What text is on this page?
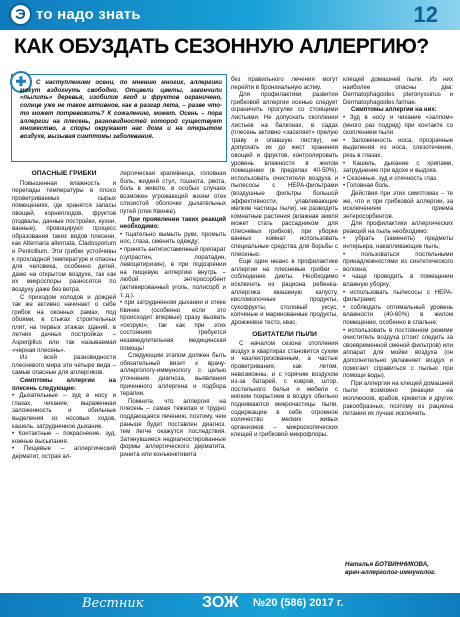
Э то надо знать	12
КАК ОБУЗДАТЬ СЕЗОННУЮ АЛЛЕРГИЮ?
✚	С наступлением осени, по мнению многих, аллергики могут вздохнуть свободно. Отцвели цветы, закончили «пылить» деревья, изобилие ягод и фруктов ограничено, солнце уже не такое активное, как в разгар лета, – разве что-то может потревожить? К сожалению, может. Осень – пора аллергии на плесень, разновидностей которой существует множество, а споры окружают нас дома и на открытом воздухе, вызывая симптомы заболевания.
ОПАСНЫЕ ГРИБКИ

Повышенная влажность и перепады температуры в плохо проветриваемых сырых помещениях, где хранятся запасы овощей, корнеплодов, фруктов (подвалы, дачные постройки, кухни, ванные), провоцируют процесс образования таких видов плесени, как Alternaria alternata, Cladosporium и Penicillium. Эти грибки устойчивы к прохладной температуре и опасны для человека, особенно детей, даже на открытом воздухе, так как их микроспоры разносятся по воздуху даже без ветра.

С приходом холодов и дождей так же активно начинает о себе грибок на оконных рамах, под обоями, в стыках строительных плит, на первых этажах зданий, в летних дачных постройках – Aspergillus или так называемая «черная плесень».

Из всей разновидности плесневого мира эти четыре вида – самые опасные для аллергиков.

Симптомы аллергии на плесень следующие:

• Дыхательные – зуд в носу и глазах, чихание, выраженная заложенность и обильные выделения из носовых ходов, кашель, затрудненное дыхание.

• Контактные – покраснение, зуд, кожные высыпания.

• Пищевые – аллергический дерматит, острая ал-

лергическая крапивница, головная боль, жидкий стул, тошнота, рвота, боль в животе, в особых случаях возможен угрожающий жизни отек слизистой оболочки дыхательных путей (отек Квинке).

При проявлении таких реакций необходимо:

• тщательно вымыть руки, промыть нос, глаза, сменить одежду;

• принять антигистаминный препарат (супрастин, лоратадин, левоцетиризин), в при подозрении на пищевую аллергию внутрь – любой энтеросорбент (активированный уголь, полисорб и т. д.).

• при затрудненном дыхании и отеке Квинке (особенно если это происходит впервые) сразу вызвать «скорую», так как при этих состояниях требуется незамедлительная медицинская помощь!

Следующим этапом должен быть обязательный визит к врачу-аллергологу-иммунологу с целью уточнения диагноза, выявления причинного аллергена и подбора терапии.

Помните, что аллергия на плесень – самая тяжелая и трудно поддающаяся лечению, поэтому, чем раньше будет поставлен диагноз, тем легче окажутся последствия. Затянувшиеся недиагностированные формы аллергического дерматита, ринита или конъюнктивита

без правильного лечения могут перейти в бронхиальную астму.

Для профилактики развития грибковой аллергии осенью следует ограничить прогулки со стоящими листьями. Не допускать скопления листьев на балконах, в садах (плесень активно «заселяет» прелую траву и опавшую листву), не допускать их до жеcт хранения овощей и фруктов, контролировать уровень влажности в жилом помещении (в пределах 40-50%), использовать очистители воздуха и пылесосы с НЕРА-фильтрами (воздушные фильтры большой эффективности, улавливающие мелкие частицы пыли), не разводить комнатные растения (влажная земля может стать рассадником для плесневых грибков), при уборке ванных комнат использовать специальные средства для борьбы с плесенью.

Еще один нюанс в профилактике аллергии на плесневые грибки – соблюдение диеты. Необходимо исключить из рациона ребенка-аллергика квашеную капусту, кисломолочные продукты, сухофрукты, столовый уксус, копченые и маринованные продукты, дрожжевое тесто, квас.

ОБИТАТЕЛИ ПЫЛИ

С началом сезона отопления воздух в квартирах становится сухим и наэлектризованным, а частые проветривания, как летом, невозможны, и с горячим воздухом из-за батарей, с ковров, штор, постельного белья и мебели с мягким покрытием в воздух обильно поднимаются микрочастицы пыли, содержащие в себе огромное количество мелких живых организмов – микроскопических клещей и грибковой микрофлоры.

клещей домашней пыли. Из них наиболее опасны два: Dermatophagoides pteronyssinus и Dermatophagoides farinae.

Симптомы аллергии на них:

• Зуд в носу и чихание «залпом» (много раз подряд) при контакте со скоплением пыли.

• Заложенность носа, прозрачные выделения из носа, слезотечение, резь в глазах.

• Кашель, дыхание с хрипами, затруднение при вдохе и выдохе.

• Сезонные, зуд и отечность глаз.

• Головная боль.

Действия при этих симптомах – те же, что и при грибковой аллергии, за исключением приема энтеросорбентов.

Для профилактики аллергических реакций на пыль необходимо:

• убрать (заменить) предметы интерьера, накапливающие пыль;

• пользоваться постельными принадлежностями из синтетического волокна;

• чаще проводить в помещении влажную уборку;

• использовать пылесосы с НЕРА-фильтрами;

• соблюдать оптимальный уровень влажности (40-60%) в жилом помещении, особенно в спальне;

• использовать в постоянном режиме очиститель воздуха (стоит следить за своевременной сменой фильтров) или аппарат для мойки воздуха (он дополнительно увлажняет воздух и помогает справиться с пылью при помощи воды).

При аллергии на клещей домашней пыли возможно реакции на моллюсков, крабов, креветок и других ракообразных, поэтому из рациона питания их лучше исключить.

Наталья БОТВИННИКОВА,
врач-аллерголог-иммунолог.
Вестник	ЗОЖ №20 (586) 2017 г.
